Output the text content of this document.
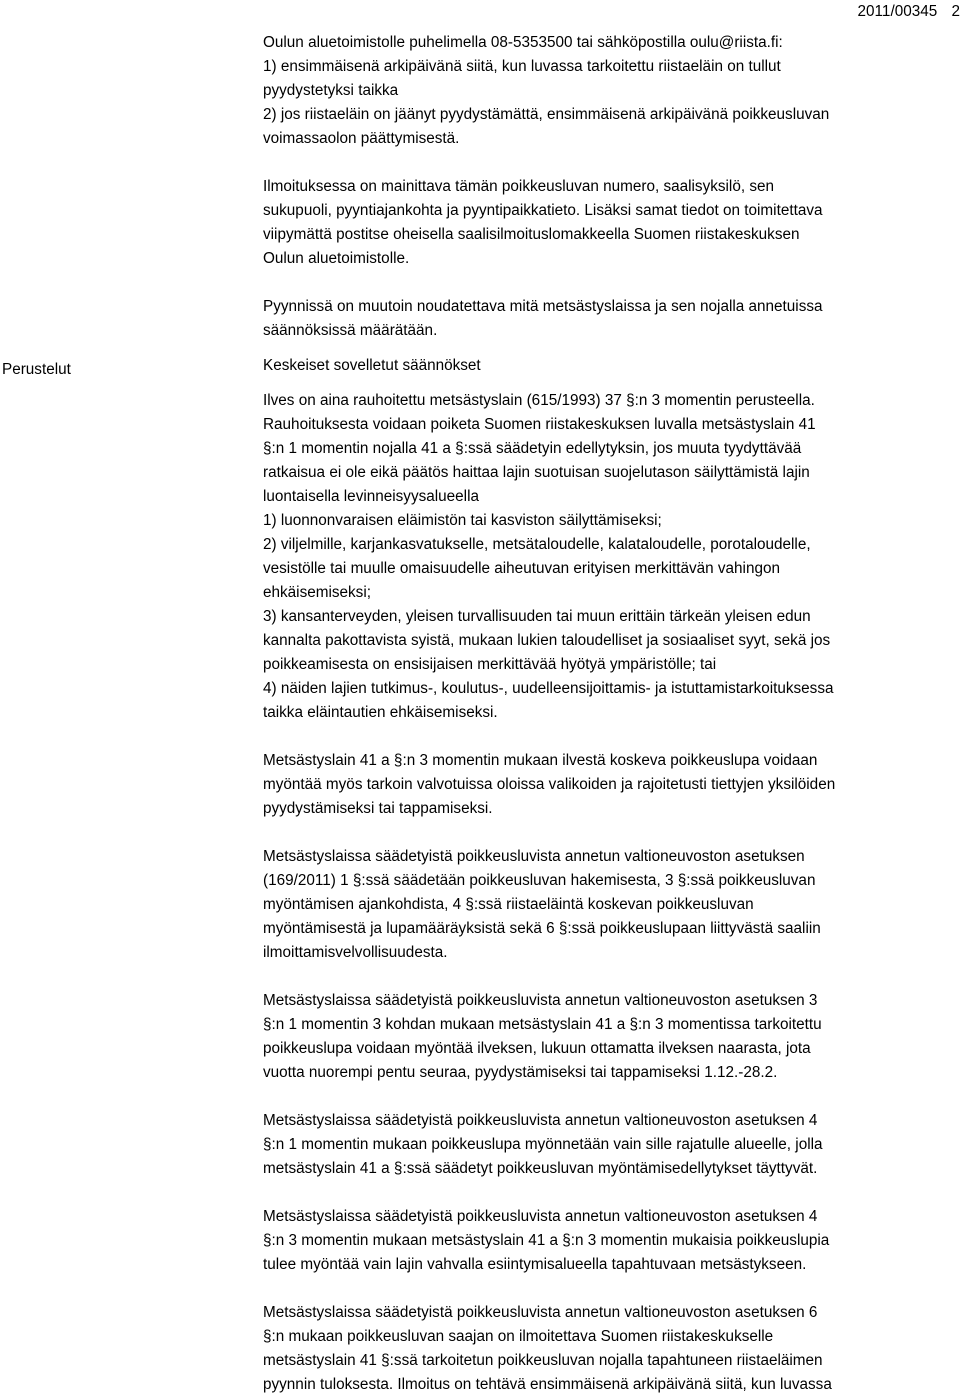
2011/00345 2
Perustelut

Oulun aluetoimistolle puhelimella 08-5353500 tai sähköpostilla oulu@riista.fi:
1) ensimmäisenä arkipäivänä siitä, kun luvassa tarkoitettu riistaeläin on tullut
pyydystetyksi taikka
2) jos riistaeläin on jäänyt pyydystämättä, ensimmäisenä arkipäivänä poikkeusluvan
voimassaolon päättymisestä.

Ilmoituksessa on mainittava tämän poikkeusluvan numero, saalisyksilö, sen
sukupuoli, pyyntiajankohta ja pyyntipaikkatieto. Lisäksi samat tiedot on toimitettava
viipymättä postitse oheisella saalisilmoituslomakkeella Suomen riistakeskuksen
Oulun aluetoimistolle.

Pyynnissä on muutoin noudatettava mitä metsästyslaissa ja sen nojalla annetuissa
säännöksissä määrätään.

Keskeiset sovelletut säännökset

Ilves on aina rauhoitettu metsästyslain (615/1993) 37 §:n 3 momentin perusteella.
Rauhoituksesta voidaan poiketa Suomen riistakeskuksen luvalla metsästyslain 41
§:n 1 momentin nojalla 41 a §:ssä säädetyin edellytyksin, jos muuta tyydyttävää
ratkaisua ei ole eikä päätös haittaa lajin suotuisan suojelutason säilyttämistä lajin
luontaisella levinneisyysalueella
1) luonnonvaraisen eläimistön tai kasviston säilyttämiseksi;
2) viljelmille, karjankasvatukselle, metsätaloudelle, kalataloudelle, porotaloudelle,
vesistölle tai muulle omaisuudelle aiheutuvan erityisen merkittävän vahingon
ehkäisemiseksi;
3) kansanterveyden, yleisen turvallisuuden tai muun erittäin tärkeän yleisen edun
kannalta pakottavista syistä, mukaan lukien taloudelliset ja sosiaaliset syyt, sekä jos
poikkeamisesta on ensisijaisen merkittävää hyötyä ympäristölle; tai
4) näiden lajien tutkimus-, koulutus-, uudelleensijoittamis- ja istuttamistarkoituksessa
taikka eläintautien ehkäisemiseksi.

Metsästyslain 41 a §:n 3 momentin mukaan ilvestä koskeva poikkeuslupa voidaan
myöntää myös tarkoin valvotuissa oloissa valikoiden ja rajoitetusti tiettyjen yksilöiden
pyydystämiseksi tai tappamiseksi.

Metsästyslaissa säädetyistä poikkeusluvista annetun valtioneuvoston asetuksen
(169/2011) 1 §:ssä säädetään poikkeusluvan hakemisesta, 3 §:ssä poikkeusluvan
myöntämisen ajankohdista, 4 §:ssä riistaeläintä koskevan poikkeusluvan
myöntämisestä ja lupamääräyksistä sekä 6 §:ssä poikkeuslupaan liittyvästä saaliin
ilmoittamisvelvollisuudesta.

Metsästyslaissa säädetyistä poikkeusluvista annetun valtioneuvoston asetuksen 3
§:n 1 momentin 3 kohdan mukaan metsästyslain 41 a §:n 3 momentissa tarkoitettu
poikkeuslupa voidaan myöntää ilveksen, lukuun ottamatta ilveksen naarasta, jota
vuotta nuorempi pentu seuraa, pyydystämiseksi tai tappamiseksi 1.12.-28.2.

Metsästyslaissa säädetyistä poikkeusluvista annetun valtioneuvoston asetuksen 4
§:n 1 momentin mukaan poikkeuslupa myönnetään vain sille rajatulle alueelle, jolla
metsästyslain 41 a §:ssä säädetyt poikkeusluvan myöntämisedellytykset täyttyvät.

Metsästyslaissa säädetyistä poikkeusluvista annetun valtioneuvoston asetuksen 4
§:n 3 momentin mukaan metsästyslain 41 a §:n 3 momentin mukaisia poikkeuslupia
tulee myöntää vain lajin vahvalla esiintymisalueella tapahtuvaan metsästykseen.

Metsästyslaissa säädetyistä poikkeusluvista annetun valtioneuvoston asetuksen 6
§:n mukaan poikkeusluvan saajan on ilmoitettava Suomen riistakeskukselle
metsästyslain 41 §:ssä tarkoitetun poikkeusluvan nojalla tapahtuneen riistaeläimen
pyynnin tuloksesta. Ilmoitus on tehtävä ensimmäisenä arkipäivänä siitä, kun luvassa
